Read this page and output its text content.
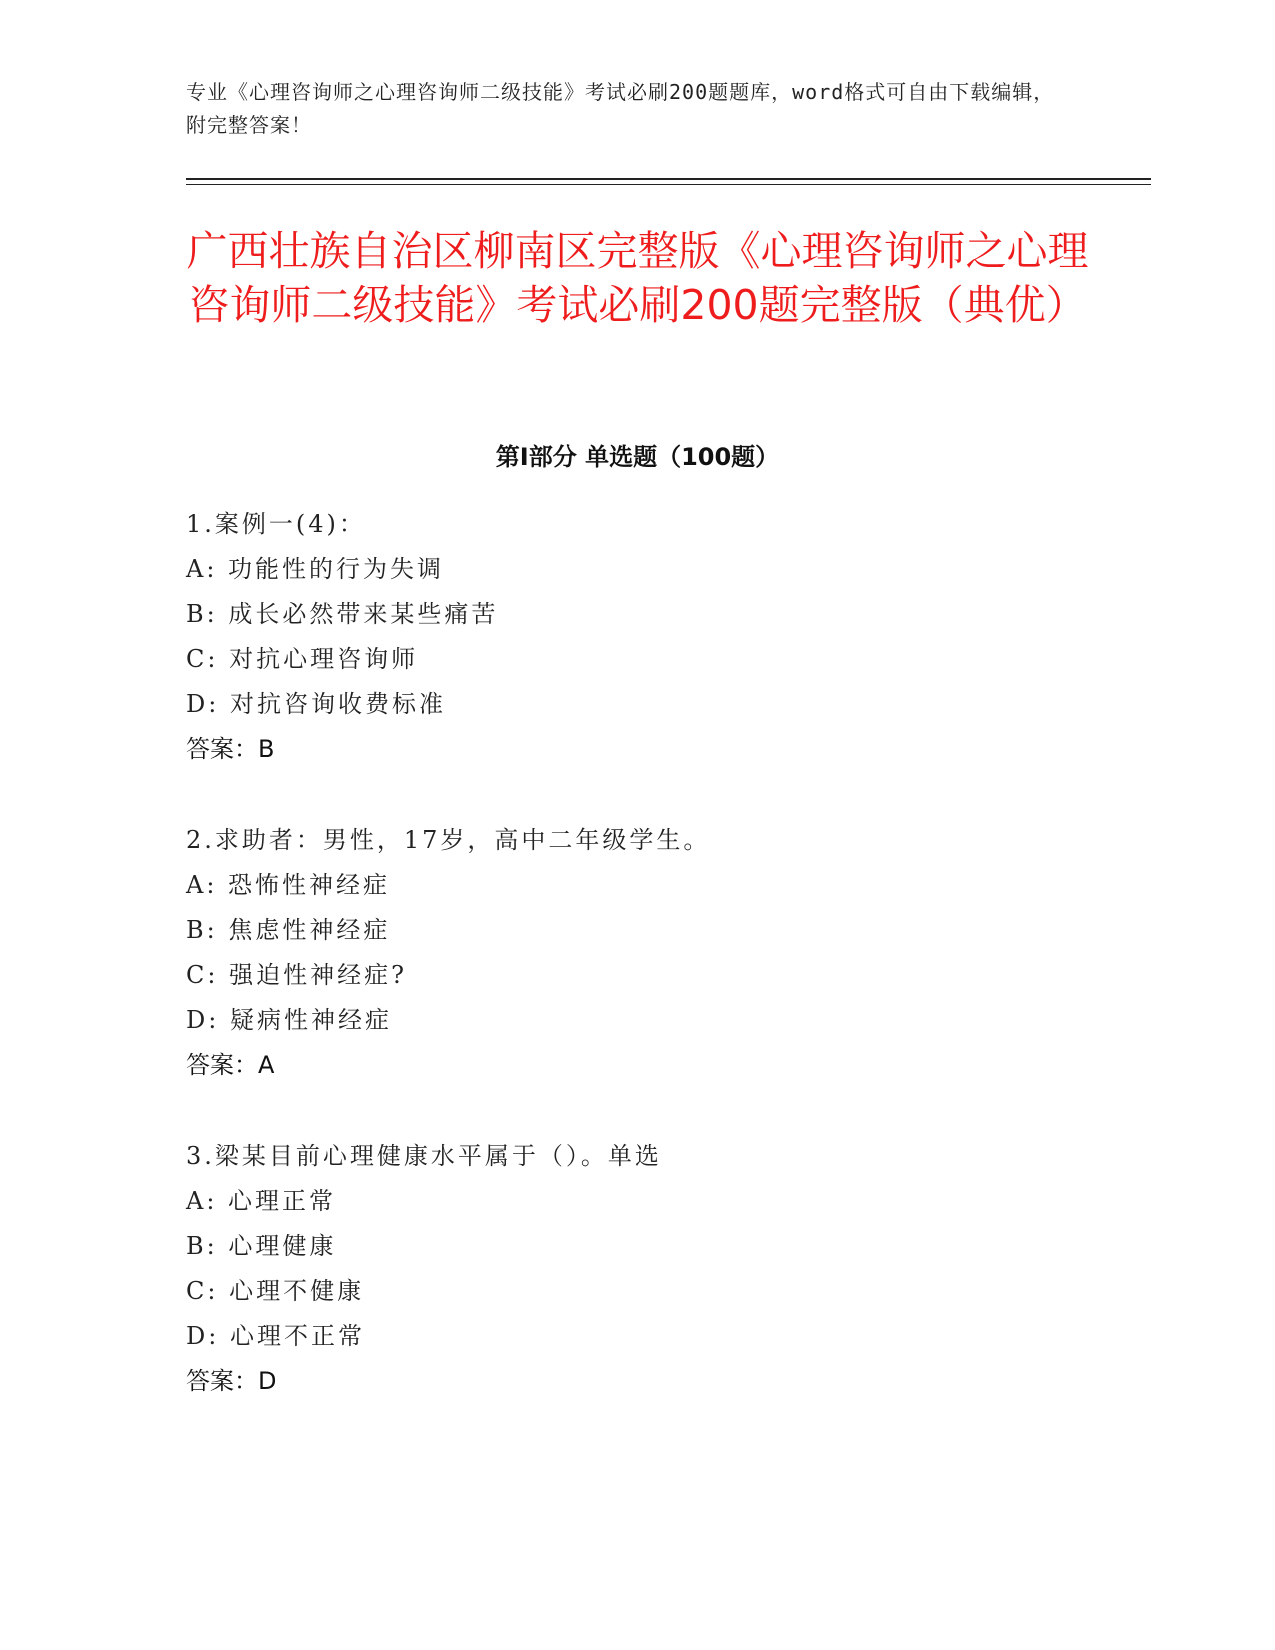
专业《心理咨询师之心理咨询师二级技能》考试必刷200题题库，word格式可自由下载编辑，附完整答案！
广西壮族自治区柳南区完整版《心理咨询师之心理咨询师二级技能》考试必刷200题完整版（典优）
第Ⅰ部分 单选题（100题）
1.案例一(4)：
A: 功能性的行为失调
B: 成长必然带来某些痛苦
C: 对抗心理咨询师
D: 对抗咨询收费标准
答案：B
2.求助者：男性，17岁，高中二年级学生。
A: 恐怖性神经症
B: 焦虑性神经症
C: 强迫性神经症?
D: 疑病性神经症
答案：A
3.梁某目前心理健康水平属于（）。单选
A: 心理正常
B: 心理健康
C: 心理不健康
D: 心理不正常
答案：D
